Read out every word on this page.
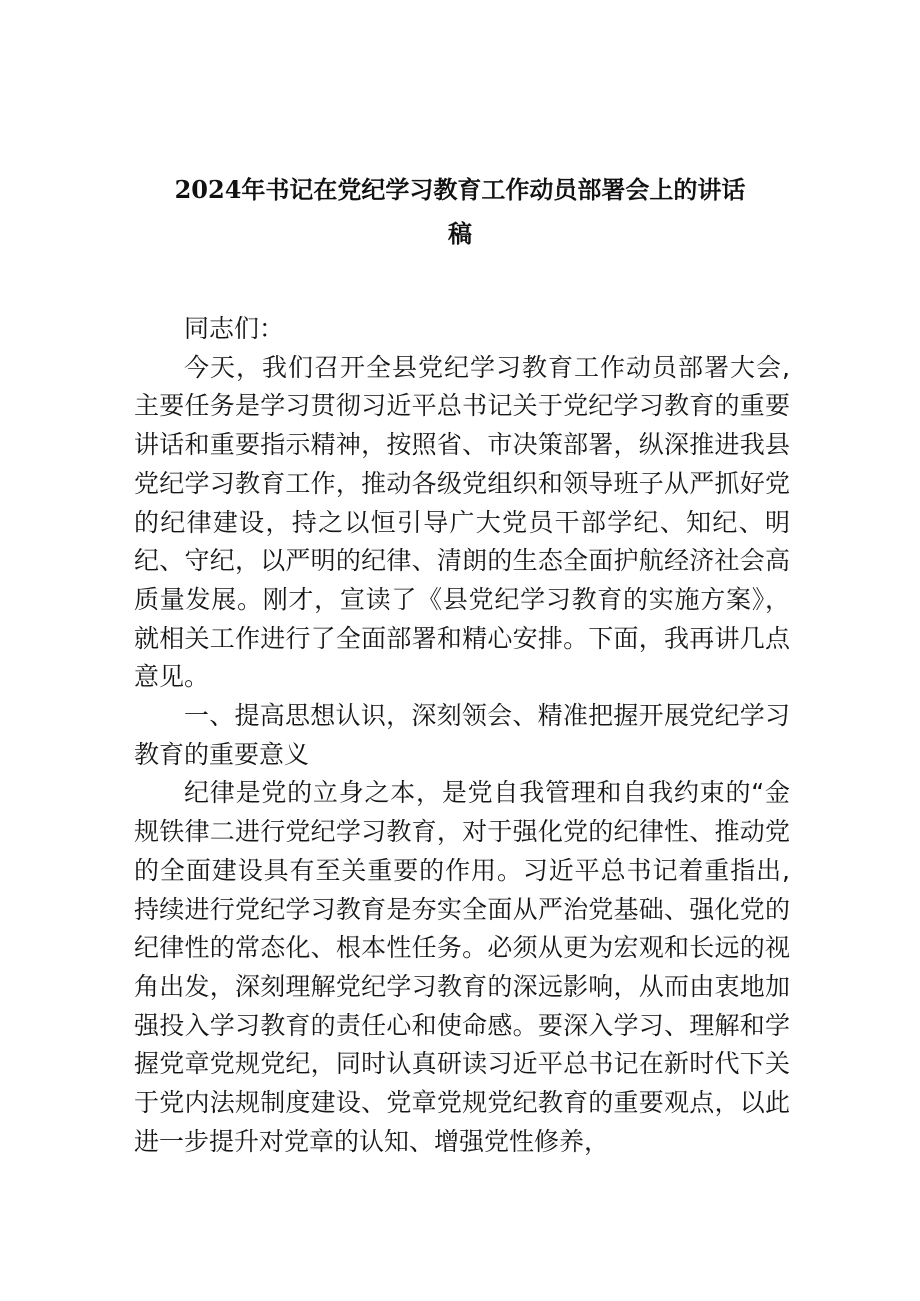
2024年书记在党纪学习教育工作动员部署会上的讲话
稿

同志们：

今天，我们召开全县党纪学习教育工作动员部署大会,主要任务是学习贯彻习近平总书记关于党纪学习教育的重要讲话和重要指示精神，按照省、市决策部署，纵深推进我县党纪学习教育工作，推动各级党组织和领导班子从严抓好党的纪律建设，持之以恒引导广大党员干部学纪、知纪、明纪、守纪，以严明的纪律、清朗的生态全面护航经济社会高质量发展。刚才，宣读了《县党纪学习教育的实施方案》，就相关工作进行了全面部署和精心安排。下面，我再讲几点意见。

一、提高思想认识，深刻领会、精准把握开展党纪学习教育的重要意义

纪律是党的立身之本，是党自我管理和自我约束的“金规铁律二进行党纪学习教育，对于强化党的纪律性、推动党的全面建设具有至关重要的作用。习近平总书记着重指出,持续进行党纪学习教育是夯实全面从严治党基础、强化党的纪律性的常态化、根本性任务。必须从更为宏观和长远的视角出发，深刻理解党纪学习教育的深远影响，从而由衷地加强投入学习教育的责任心和使命感。要深入学习、理解和学握党章党规党纪，同时认真研读习近平总书记在新时代下关于党内法规制度建设、党章党规党纪教育的重要观点，以此进一步提升对党章的认知、增强党性修养，
